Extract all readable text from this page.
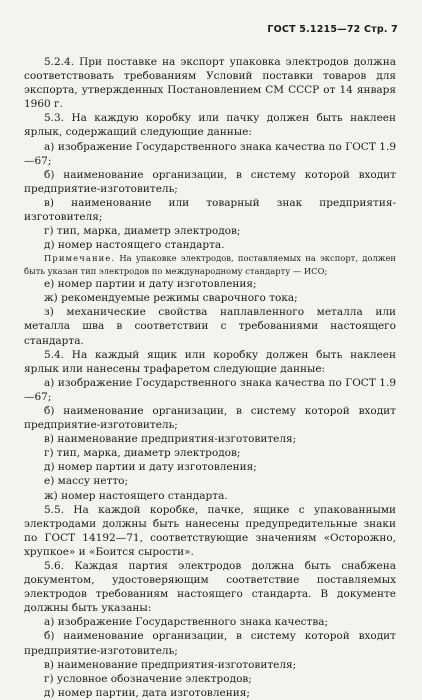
ГОСТ 5.1215—72 Стр. 7

5.2.4. При поставке на экспорт упаковка электродов должна соответствовать требованиям Условий поставки товаров для экспорта, утвержденных Постановлением СМ СССР от 14 января 1960 г.

5.3. На каждую коробку или пачку должен быть наклеен ярлык, содержащий следующие данные:

а) изображение Государственного знака качества по ГОСТ 1.9—67;

б) наименование организации, в систему которой входит предприятие-изготовитель;

в) наименование или товарный знак предприятия-изготовителя;

г) тип, марка, диаметр электродов;

д) номер настоящего стандарта.

Примечание. На упаковке электродов, поставляемых на экспорт, должен быть указан тип электродов по международному стандарту — ИСО;

е) номер партии и дату изготовления;

ж) рекомендуемые режимы сварочного тока;

з) механические свойства наплавленного металла или металла шва в соответствии с требованиями настоящего стандарта.

5.4. На каждый ящик или коробку должен быть наклеен ярлык или нанесены трафаретом следующие данные:

а) изображение Государственного знака качества по ГОСТ 1.9—67;

б) наименование организации, в систему которой входит предприятие-изготовитель;

в) наименование предприятия-изготовителя;

г) тип, марка, диаметр электродов;

д) номер партии и дату изготовления;

е) массу нетто;

ж) номер настоящего стандарта.

5.5. На каждой коробке, пачке, ящике с упакованными электродами должны быть нанесены предупредительные знаки по ГОСТ 14192—71, соответствующие значениям «Осторожно, хрупкое» и «Боится сырости».

5.6. Каждая партия электродов должна быть снабжена документом, удостоверяющим соответствие поставляемых электродов требованиям настоящего стандарта. В документе должны быть указаны:

а) изображение Государственного знака качества;

б) наименование организации, в систему которой входит предприятие-изготовитель;

в) наименование предприятия-изготовителя;

г) условное обозначение электродов;

д) номер партии, дата изготовления;
